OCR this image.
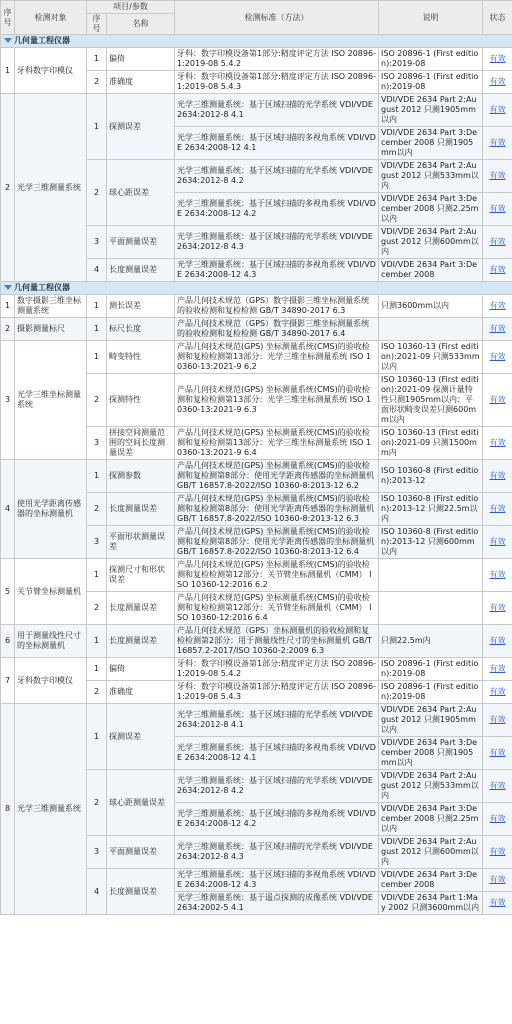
序号	检测对象	项目/参数		检测标准（方法）	说明	状态
		序号	名称			
几何量工程仪器						
1	牙科数字印模仪	1	偏倚	牙科：数字印模设备第1部分:精度评定方法 ISO 20896-1:2019-08 5.4.2	ISO 20896-1 (First edition):2019-08	有效
		2	准确度	牙科：数字印模设备第1部分:精度评定方法 ISO 20896-1:2019-08 5.4.3	ISO 20896-1 (First edition):2019-08	有效
2	光学三维测量系统	1	探测误差	光学三维测量系统：基于区域扫描的光学系统 VDI/VDE 2634:2012-8 4.1	VDI/VDE 2634 Part 2:August 2012 只测1905mm以内	有效
				光学三维测量系统：基于区域扫描的多视角系统 VDI/VDE 2634:2008-12 4.1	VDI/VDE 2634 Part 3:December 2008 只测1905mm以内	有效
		2	球心距误差	光学三维测量系统：基于区域扫描的光学系统 VDI/VDE 2634:2012-8 4.2	VDI/VDE 2634 Part 2:August 2012 只测533mm以内	有效
				光学三维测量系统：基于区域扫描的多视角系统 VDI/VDE 2634:2008-12 4.2	VDI/VDE 2634 Part 3:December 2008 只测2.25m以内	有效
		3	平面测量误差	光学三维测量系统：基于区域扫描的光学系统 VDI/VDE 2634:2012-8 4.3	VDI/VDE 2634 Part 2:August 2012 只测600mm以内	有效
		4	长度测量误差	光学三维测量系统：基于区域扫描的多视角系统 VDI/VDE 2634:2008-12 4.3	VDI/VDE 2634 Part 3:December 2008	有效
几何量工程仪器						
1	数字摄影三维坐标测量系统	1	测长误差	产品几何技术规范（GPS）数字摄影三维坐标测量系统的验收检测和复检检测 GB/T 34890-2017 6.3	只测3600mm以内	有效
2	摄影测量标尺	1	标尺长度	产品几何技术规范（GPS）数字摄影三维坐标测量系统的验收检测和复检检测 GB/T 34890-2017 6.4		有效
3	光学三维坐标测量系统	1	畸变特性	产品几何技术规范(GPS) 坐标测量系统(CMS)的验收检测和复检检测第13部分：光学三维坐标测量系统 ISO 10360-13:2021-9 6.2	ISO 10360-13 (First edition):2021-09 只测533mm以内	有效
		2	探测特性	产品几何技术规范(GPS) 坐标测量系统(CMS)的验收检测和复检检测第13部分：光学三维坐标测量系统 ISO 10360-13:2021-9 6.3	ISO 10360-13 (First edition):2021-09 探测计量特性只测1905mm以内；平面形状畸变误差只测600mm以内	有效
		3	拼接空间测量范围的空间长度测量误差	产品几何技术规范(GPS) 坐标测量系统(CMS)的验收检测和复检检测第13部分：光学三维坐标测量系统 ISO 10360-13:2021-9 6.4	ISO 10360-13 (First edition):2021-09 只测1500mm内	有效
4	使用光学距离传感器的坐标测量机	1	探测参数	产品几何技术规范(GPS) 坐标测量系统(CMS)的验收检测和复检测第8部分：使用光学距离传感器的坐标测量机 GB/T 16857.8-2022/ISO 10360-8:2013-12 6.2	ISO 10360-8 (First edition):2013-12	有效
		2	长度测量误差	产品几何技术规范(GPS) 坐标测量系统(CMS)的验收检测和复检测第8部分：使用光学距离传感器的坐标测量机 GB/T 16857.8-2022/ISO 10360-8:2013-12 6.3	ISO 10360-8 (First edition):2013-12 只测22.5m以内	有效
		3	平面形状测量误差	产品几何技术规范(GPS) 坐标测量系统(CMS)的验收检测和复检测第8部分：使用光学距离传感器的坐标测量机 GB/T 16857.8-2022/ISO 10360-8:2013-12 6.4	ISO 10360-8 (First edition):2013-12 只测600mm以内	有效
5	关节臂坐标测量机	1	探测尺寸和形状误差	产品几何技术规范(GPS) 坐标测量系统(CMS)的验收检测和复检检测第12部分：关节臂坐标测量机（CMM） ISO 10360-12:2016 6.2		有效
		2	长度测量误差	产品几何技术规范(GPS) 坐标测量系统(CMS)的验收检测和复检检测第12部分：关节臂坐标测量机（CMM） ISO 10360-12:2016 6.4		有效
6	用于测量线性尺寸的坐标测量机	1	长度测量误差	产品几何技术规范（GPS）坐标测量机的验收检测和复检检测第2部分：用于测量线性尺寸的坐标测量机 GB/T 16857.2-2017/ISO 10360-2:2009 6.3	只测22.5m内	有效
7	牙科数字印模仪	1	偏倚	牙科：数字印模设备第1部分:精度评定方法 ISO 20896-1:2019-08 5.4.2	ISO 20896-1 (First edition):2019-08	有效
		2	准确度	牙科：数字印模设备第1部分:精度评定方法 ISO 20896-1:2019-08 5.4.3	ISO 20896-1 (First edition):2019-08	有效
8	光学三维测量系统	1	探测误差	光学三维测量系统：基于区域扫描的光学系统 VDI/VDE 2634:2012-8 4.1	VDI/VDE 2634 Part 2:August 2012 只测1905mm以内	有效
				光学三维测量系统：基于区域扫描的多视角系统 VDI/VDE 2634:2008-12 4.1	VDI/VDE 2634 Part 3:December 2008 只测1905mm以内	有效
		2	球心距测量误差	光学三维测量系统：基于区域扫描的光学系统 VDI/VDE 2634:2012-8 4.2	VDI/VDE 2634 Part 2:August 2012 只测533mm以内	有效
				光学三维测量系统：基于区域扫描的多视角系统 VDI/VDE 2634:2008-12 4.2	VDI/VDE 2634 Part 3:December 2008 只测2.25m以内	有效
		3	平面测量误差	光学三维测量系统：基于区域扫描的光学系统 VDI/VDE 2634:2012-8 4.3	VDI/VDE 2634 Part 2:August 2012 只测600mm以内	有效
		4	长度测量误差	光学三维测量系统：基于区域扫描的多视角系统 VDI/VDE 2634:2008-12 4.3	VDI/VDE 2634 Part 3:December 2008	有效
				光学三维测量系统：基于遥点探测的成像系统 VDI/VDE 2634:2002-5 4.1	VDI/VDE 2634 Part 1:May 2002 只测3600mm以内	有效
